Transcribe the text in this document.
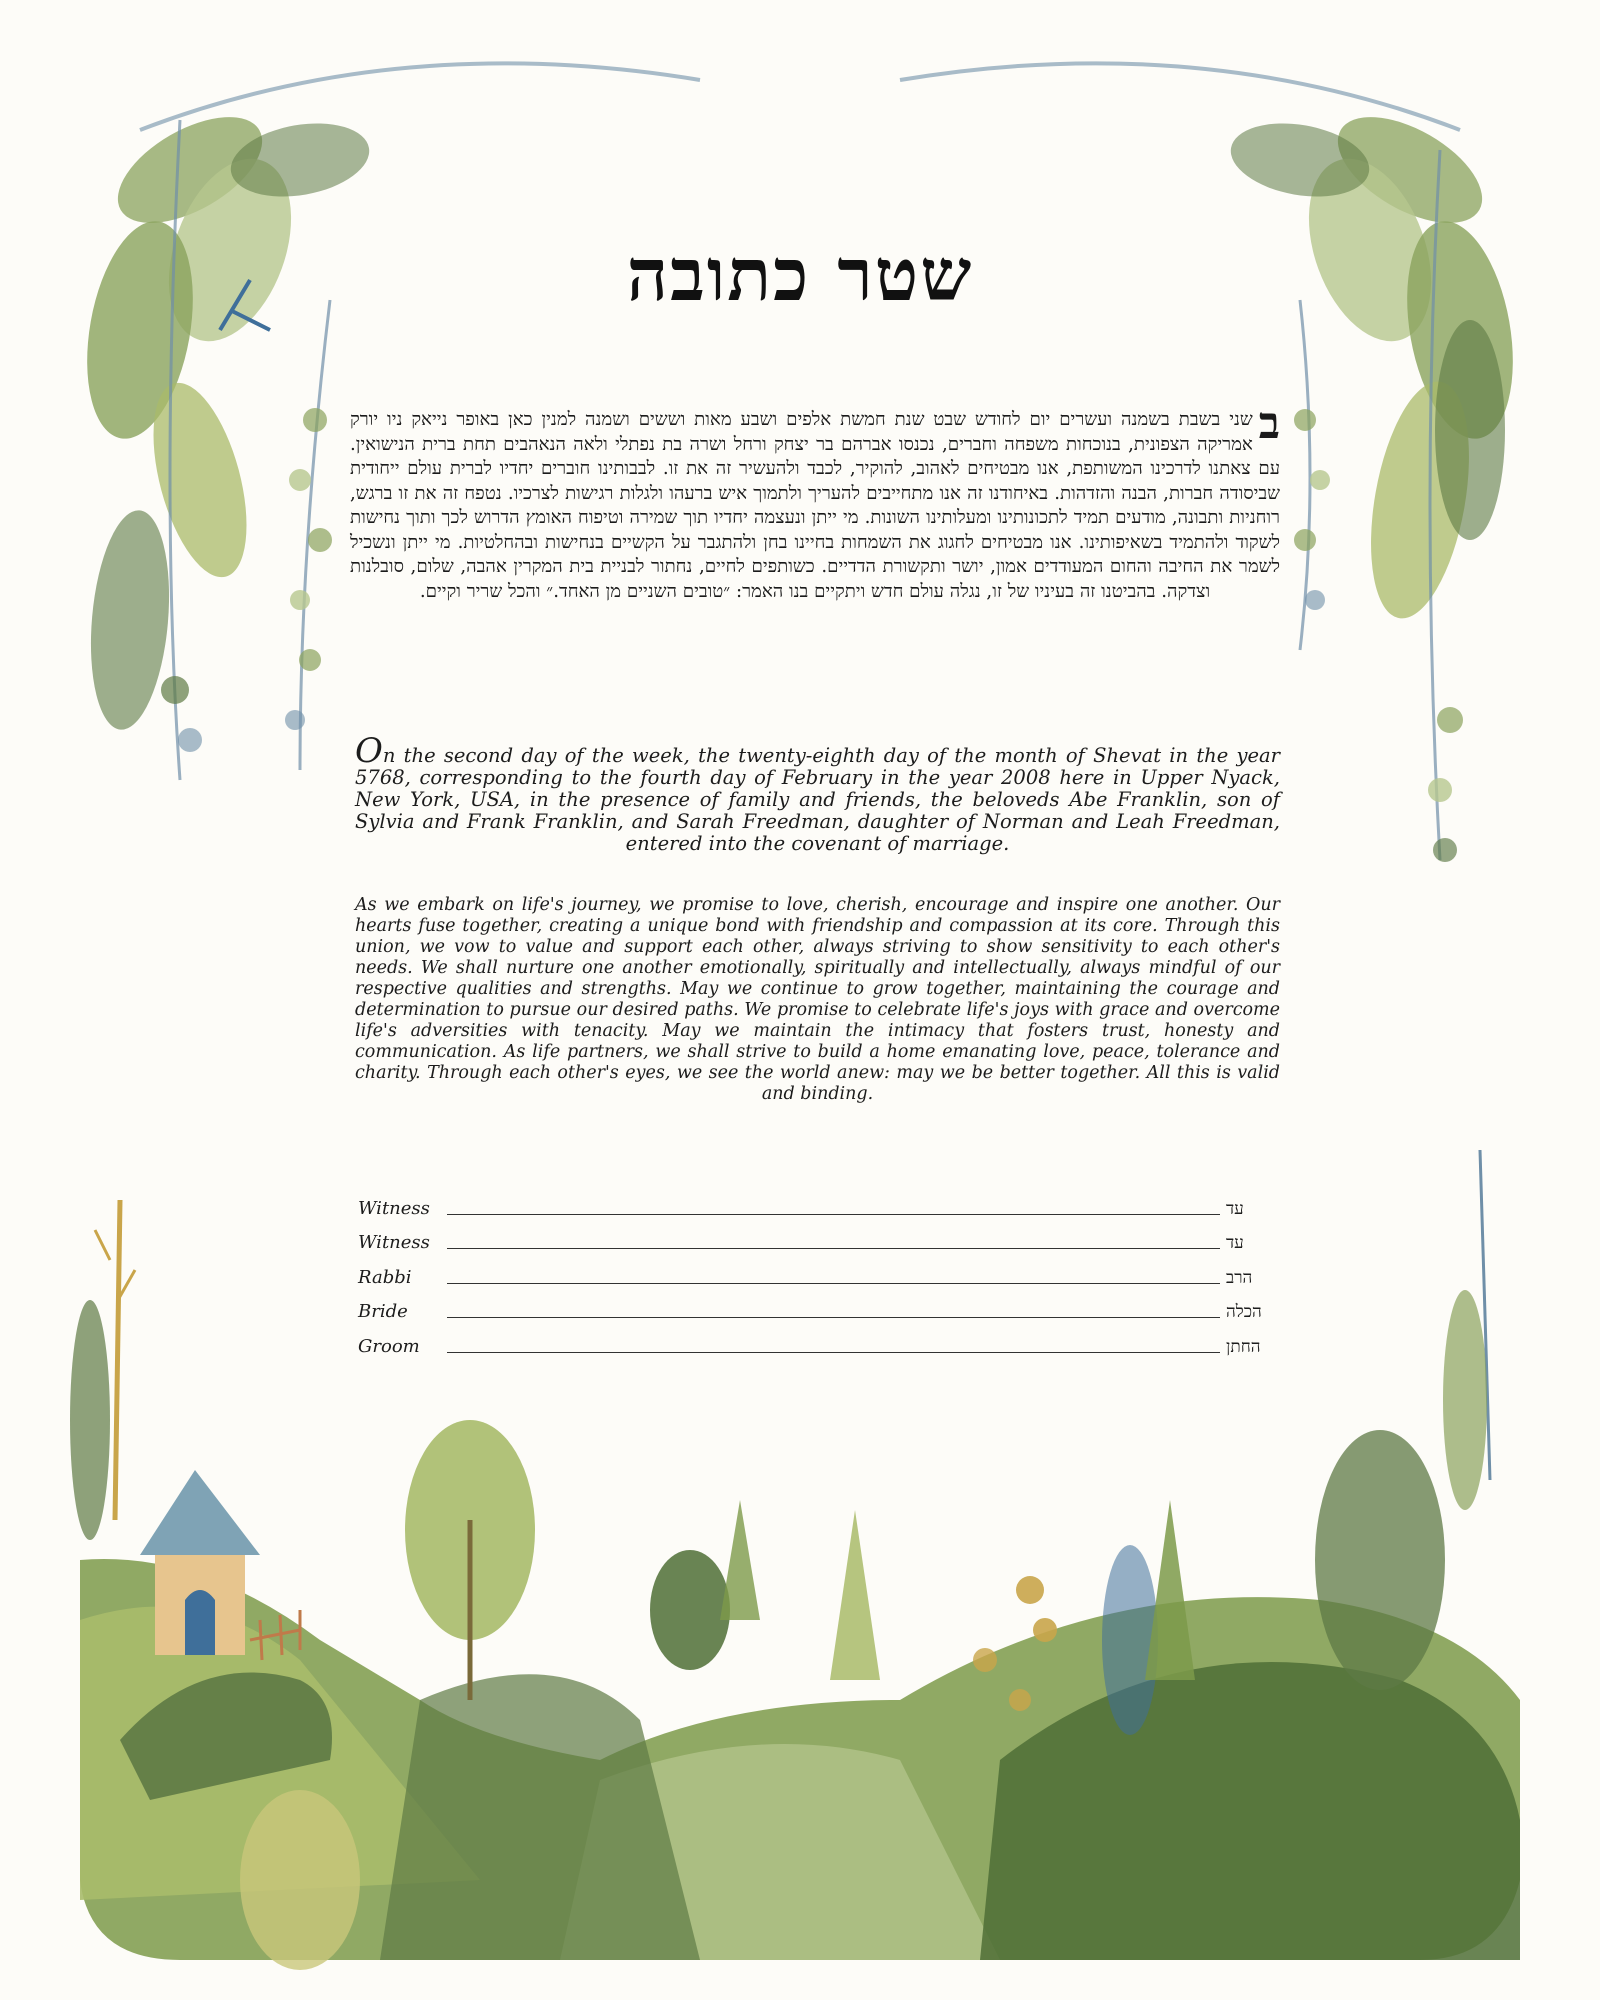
שטר כתובה
ב
שני בשבת בשמנה ועשרים יום לחודש שבט שנת חמשת אלפים ושבע מאות וששים ושמנה למנין כאן באופר נייאק ניו יורק אמריקה הצפונית, בנוכחות משפחה וחברים, נכנסו אברהם בר יצחק ורחל ושרה בת נפתלי ולאה הנאהבים תחת ברית הנישואין. עם צאתנו לדרכינו המשותפת, אנו מבטיחים לאהוב, להוקיר, לכבד ולהעשיר זה את זו. לבבותינו חוברים יחדיו לברית עולם ייחודית שביסודה חברות, הבנה והזדהות. באיחודנו זה אנו מתחייבים להעריך ולתמוך איש ברעהו ולגלות רגישות לצרכיו. נטפח זה את זו ברגש, רוחניות ותבונה, מודעים תמיד לתכונותינו ומעלותינו השונות. מי ייתן ונעצמה יחדיו תוך שמירה וטיפוח האומץ הדרוש לכך ותוך נחישות לשקוד ולהתמיד בשאיפותינו. אנו מבטיחים לחגוג את השמחות בחיינו בחן ולהתגבר על הקשיים בנחישות ובהחלטיות. מי ייתן ונשכיל לשמר את החיבה והחום המעודדים אמון, יושר ותקשורת הדדיים. כשותפים לחיים, נחתור לבניית בית המקרין אהבה, שלום, סובלנות וצדקה. בהביטנו זה בעיניו של זו, נגלה עולם חדש ויתקיים בנו האמר: ״טובים השניים מן האחד.״ והכל שריר וקיים.
On the second day of the week, the twenty-eighth day of the month of Shevat in the year 5768, corresponding to the fourth day of February in the year 2008 here in Upper Nyack, New York, USA, in the presence of family and friends, the beloveds Abe Franklin, son of Sylvia and Frank Franklin, and Sarah Freedman, daughter of Norman and Leah Freedman, entered into the covenant of marriage.
As we embark on life's journey, we promise to love, cherish, encourage and inspire one another. Our hearts fuse together, creating a unique bond with friendship and compassion at its core. Through this union, we vow to value and support each other, always striving to show sensitivity to each other's needs. We shall nurture one another emotionally, spiritually and intellectually, always mindful of our respective qualities and strengths. May we continue to grow together, maintaining the courage and determination to pursue our desired paths. We promise to celebrate life's joys with grace and overcome life's adversities with tenacity. May we maintain the intimacy that fosters trust, honesty and communication. As life partners, we shall strive to build a home emanating love, peace, tolerance and charity. Through each other's eyes, we see the world anew: may we be better together. All this is valid and binding.
Witness	עד
Witness	עד
Rabbi	הרב
Bride	הכלה
Groom	החתן
